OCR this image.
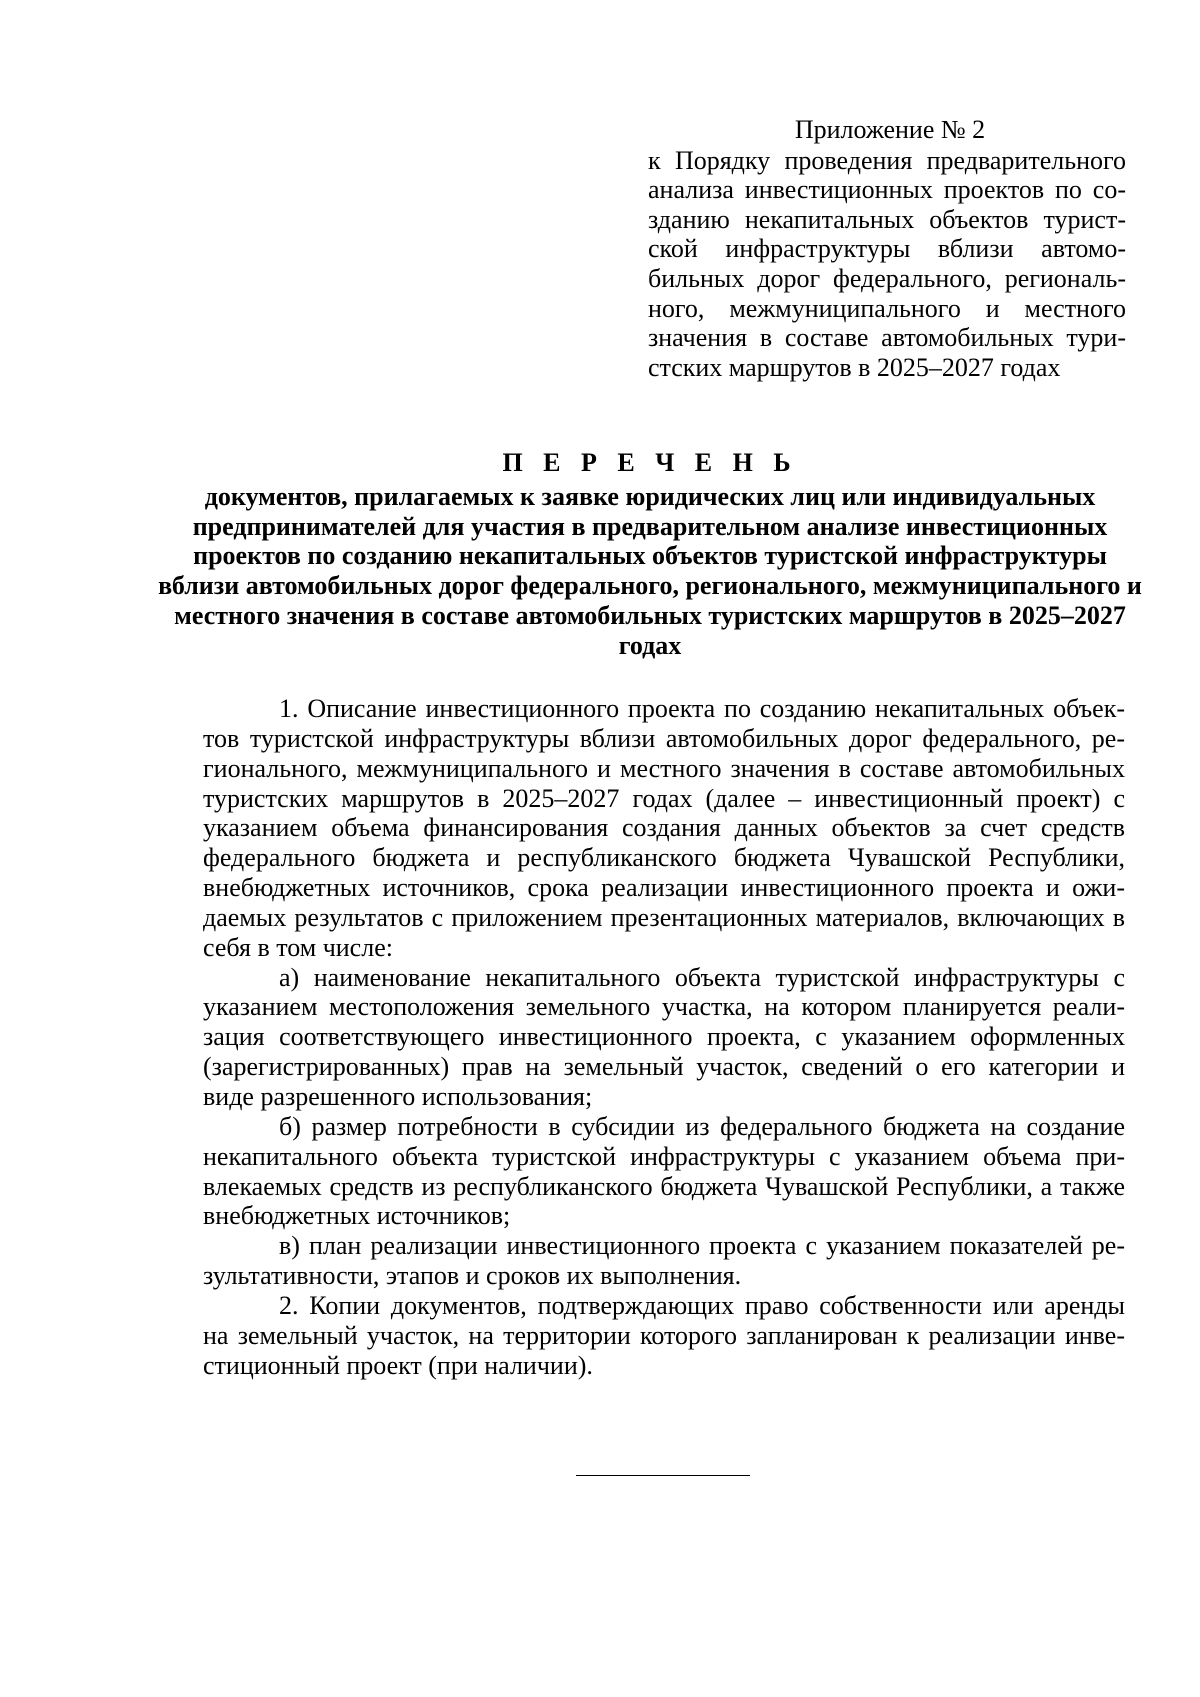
Приложение № 2
к Порядку проведения предварительного анализа инвестиционных проектов по созданию некапитальных объектов туристской инфраструктуры вблизи автомобильных дорог федерального, регионального, межмуниципального и местного значения в составе автомобильных туристских маршрутов в 2025–2027 годах
П Е Р Е Ч Е Н Ь
документов, прилагаемых к заявке юридических лиц или индивидуальных предпринимателей для участия в предварительном анализе инвестиционных проектов по созданию некапитальных объектов туристской инфраструктуры вблизи автомобильных дорог федерального, регионального, межмуниципального и местного значения в составе автомобильных туристских маршрутов в 2025–2027 годах

1. Описание инвестиционного проекта по созданию некапитальных объектов туристской инфраструктуры вблизи автомобильных дорог федерального, регионального, межмуниципального и местного значения в составе автомобильных туристских маршрутов в 2025–2027 годах (далее – инвестиционный проект) с указанием объема финансирования создания данных объектов за счет средств федерального бюджета и республиканского бюджета Чувашской Республики, внебюджетных источников, срока реализации инвестиционного проекта и ожидаемых результатов с приложением презентационных материалов, включающих в себя в том числе:

а) наименование некапитального объекта туристской инфраструктуры с указанием местоположения земельного участка, на котором планируется реализация соответствующего инвестиционного проекта, с указанием оформленных (зарегистрированных) прав на земельный участок, сведений о его категории и виде разрешенного использования;

б) размер потребности в субсидии из федерального бюджета на создание некапитального объекта туристской инфраструктуры с указанием объема привлекаемых средств из республиканского бюджета Чувашской Республики, а также внебюджетных источников;

в) план реализации инвестиционного проекта с указанием показателей результативности, этапов и сроков их выполнения.

2. Копии документов, подтверждающих право собственности или аренды на земельный участок, на территории которого запланирован к реализации инвестиционный проект (при наличии).
